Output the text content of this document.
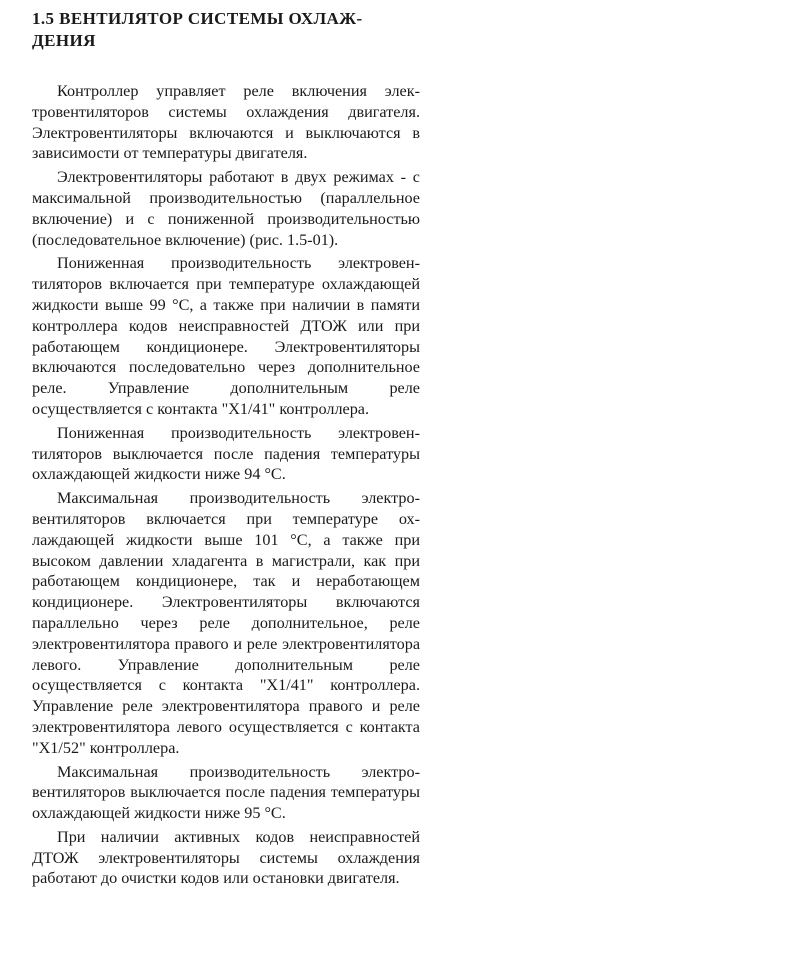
1.5 ВЕНТИЛЯТОР СИСТЕМЫ ОХЛАЖДЕНИЯ

Контроллер управляет реле включения электровентиляторов системы охлаждения двигателя. Электровентиляторы включаются и выключаются в зависимости от температуры двигателя.

Электровентиляторы работают в двух режимах - с максимальной производительностью (параллельное включение) и с пониженной производительностью (последовательное включение) (рис. 1.5-01).

Пониженная производительность электровентиляторов включается при температуре охлаждающей жидкости выше 99 °С, а также при наличии в памяти контроллера кодов неисправностей ДТОЖ или при работающем кондиционере. Электровентиляторы включаются последовательно через дополнительное реле. Управление дополнительным реле осуществляется с контакта "X1/41" контроллера.

Пониженная производительность электровентиляторов выключается после падения температуры охлаждающей жидкости ниже 94 °С.

Максимальная производительность электровентиляторов включается при температуре охлаждающей жидкости выше 101 °С, а также при высоком давлении хладагента в магистрали, как при работающем кондиционере, так и неработающем кондиционере. Электровентиляторы включаются параллельно через реле дополнительное, реле электровентилятора правого и реле электровентилятора левого. Управление дополнительным реле осуществляется с контакта "X1/41" контроллера. Управление реле электровентилятора правого и реле электровентилятора левого осуществляется с контакта "X1/52" контроллера.

Максимальная производительность электровентиляторов выключается после падения температуры охлаждающей жидкости ниже 95 °С.

При наличии активных кодов неисправностей ДТОЖ электровентиляторы системы охлаждения работают до очистки кодов или остановки двигателя.
